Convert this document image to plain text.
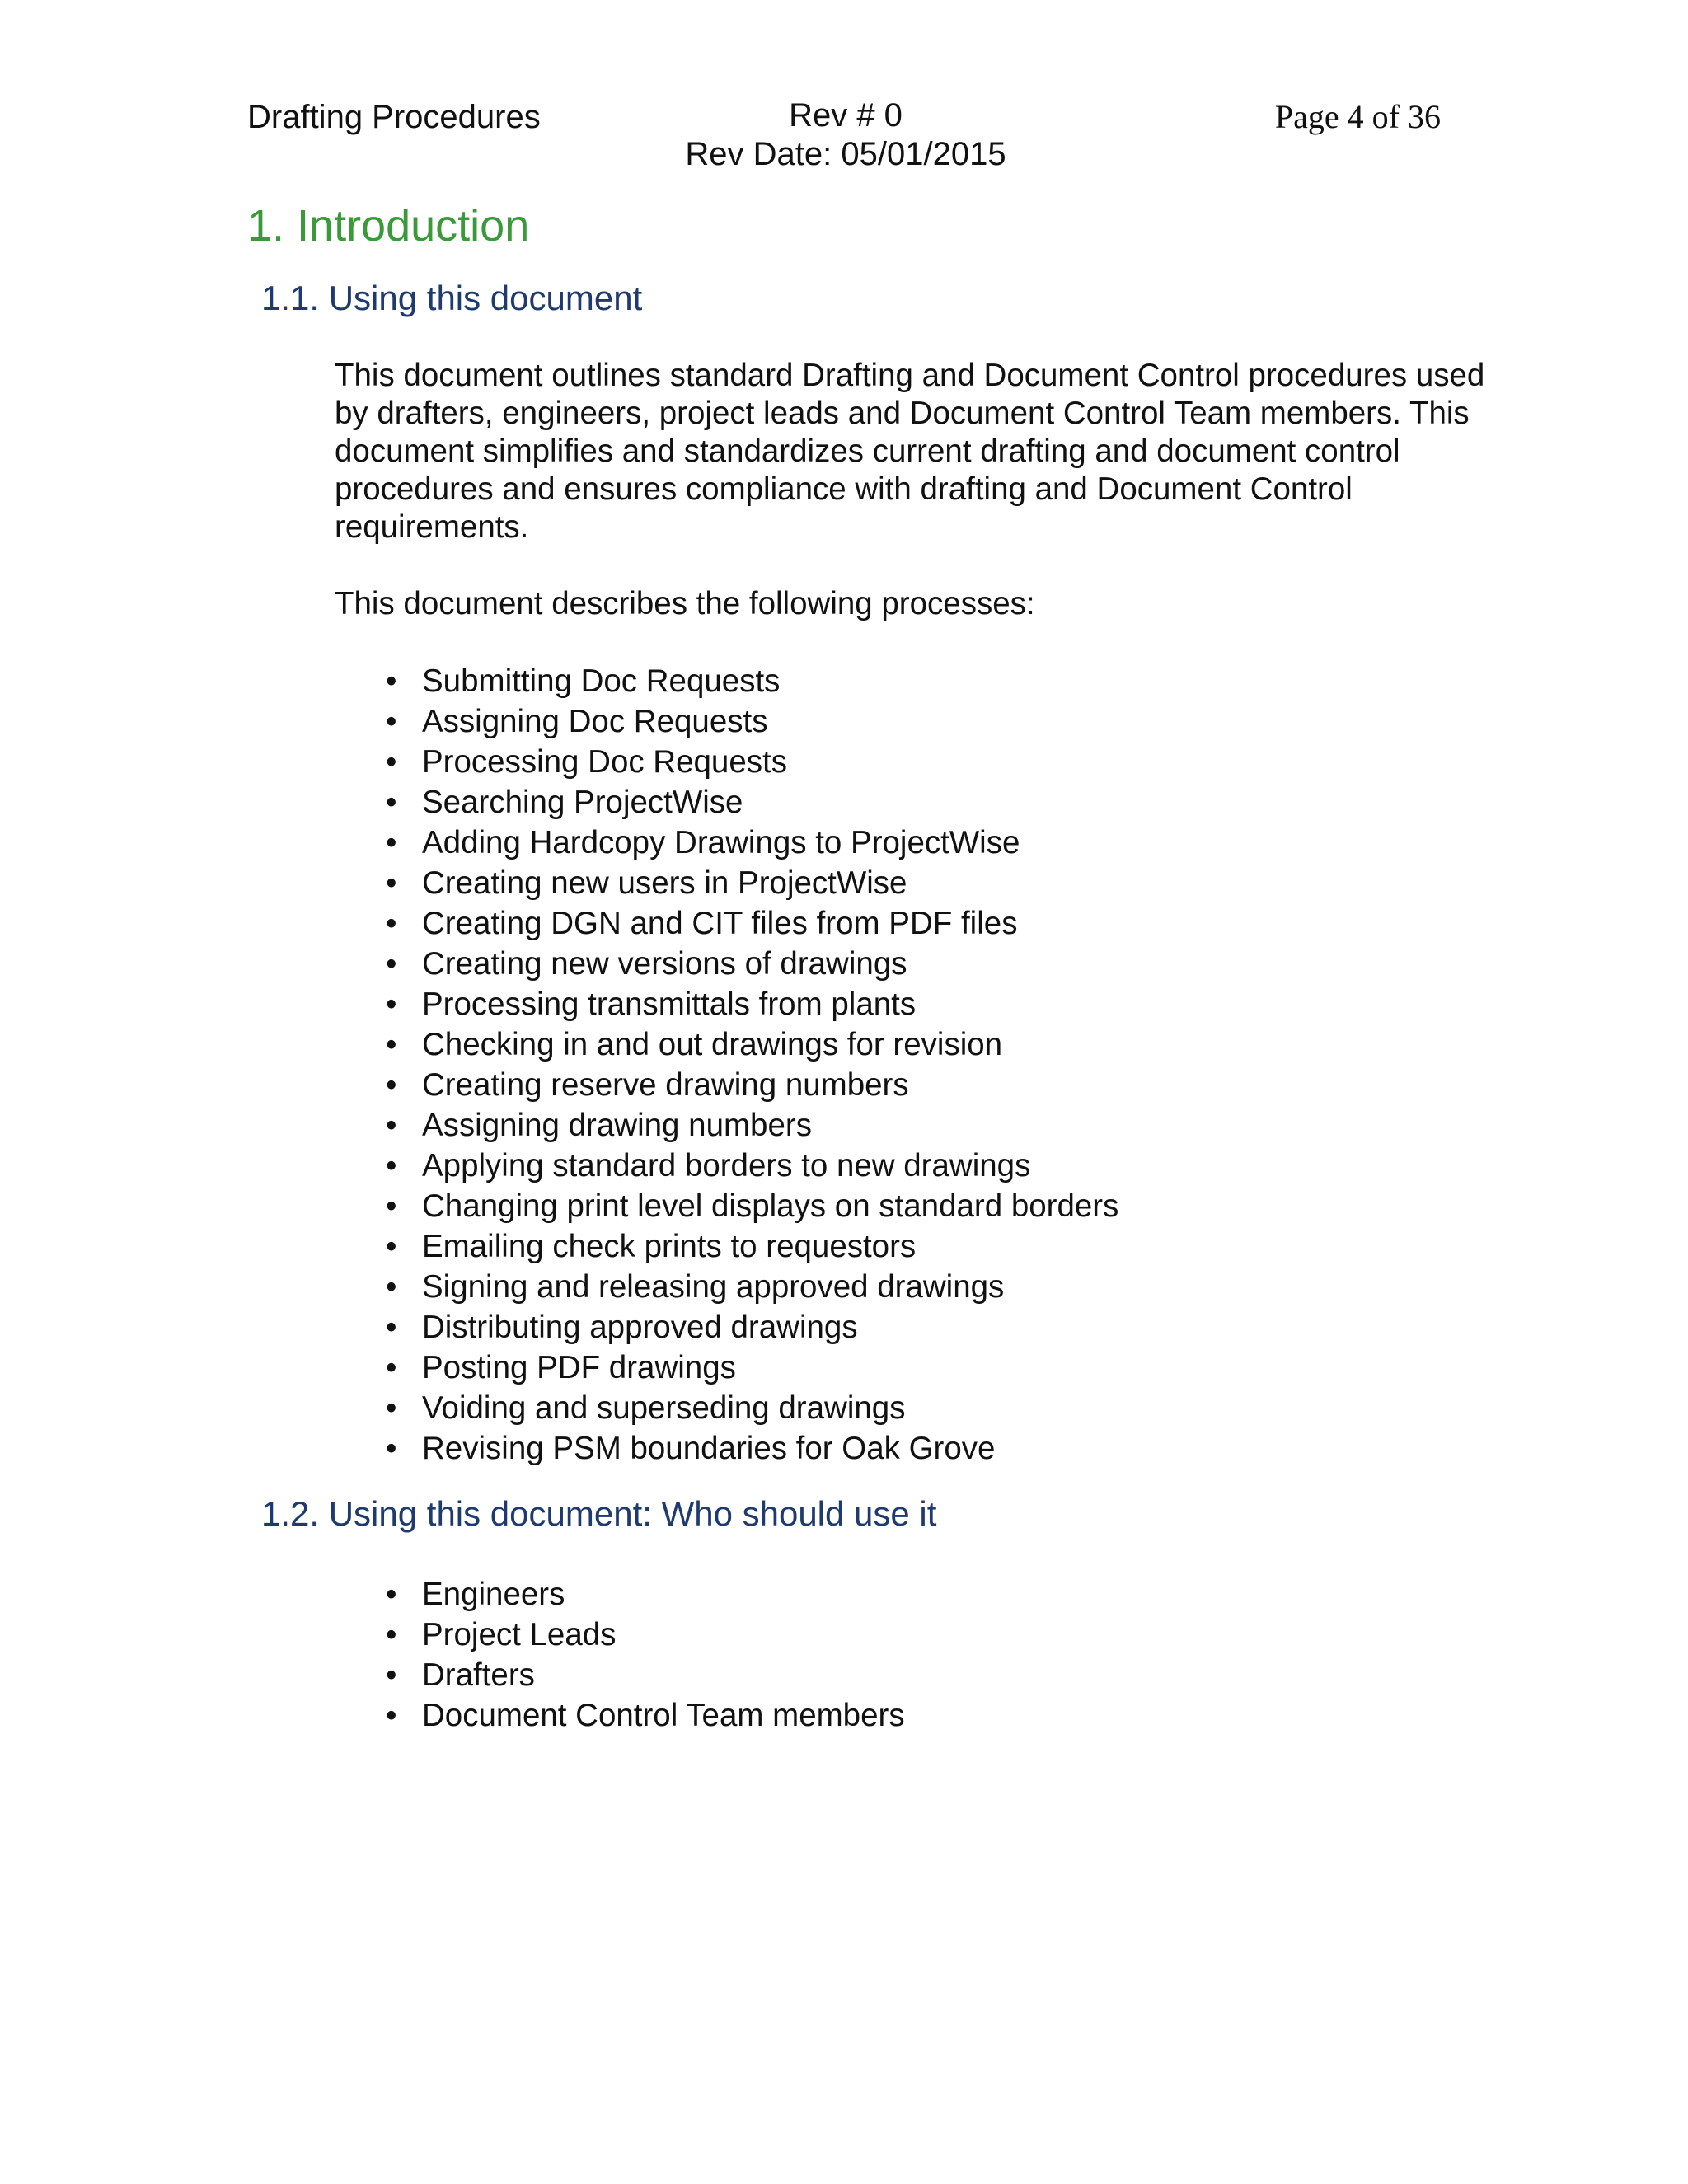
Drafting Procedures	Rev # 0
Rev Date: 05/01/2015
Page 4 of 36
1. Introduction
1.1. Using this document

This document outlines standard Drafting and Document Control procedures used by drafters, engineers, project leads and Document Control Team members. This document simplifies and standardizes current drafting and document control procedures and ensures compliance with drafting and Document Control requirements.

This document describes the following processes:

• Submitting Doc Requests
• Assigning Doc Requests
• Processing Doc Requests
• Searching ProjectWise
• Adding Hardcopy Drawings to ProjectWise
• Creating new users in ProjectWise
• Creating DGN and CIT files from PDF files
• Creating new versions of drawings
• Processing transmittals from plants
• Checking in and out drawings for revision
• Creating reserve drawing numbers
• Assigning drawing numbers
• Applying standard borders to new drawings
• Changing print level displays on standard borders
• Emailing check prints to requestors
• Signing and releasing approved drawings
• Distributing approved drawings
• Posting PDF drawings
• Voiding and superseding drawings
• Revising PSM boundaries for Oak Grove
1.2. Using this document: Who should use it
• Engineers
• Project Leads
• Drafters
• Document Control Team members
